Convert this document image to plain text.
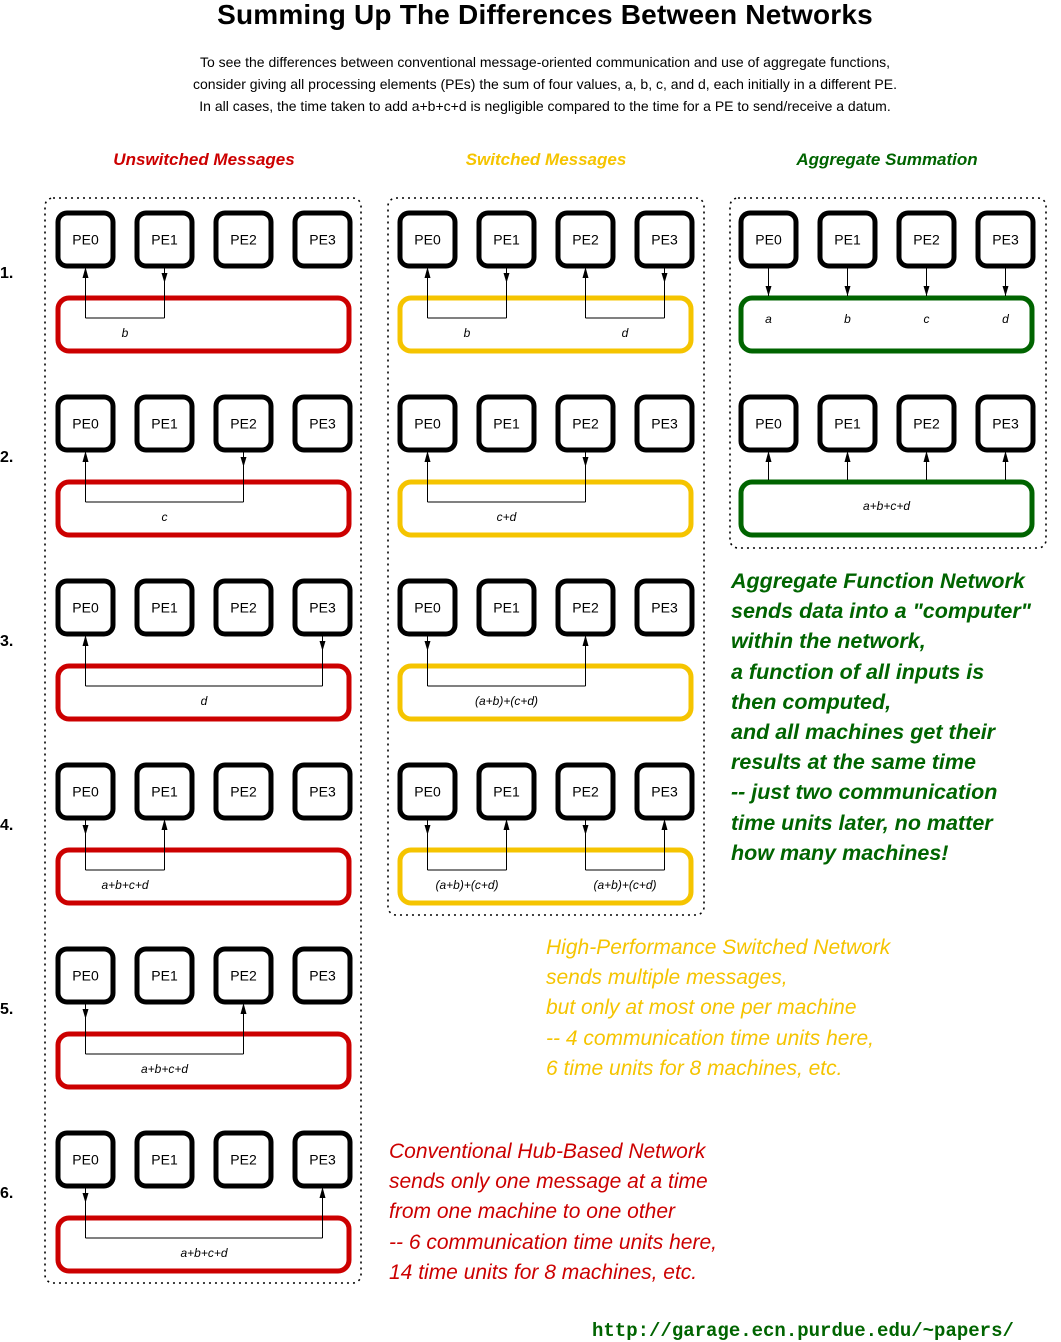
Summing Up The Differences Between Networks
To see the differences between conventional message-oriented communication and use of aggregate functions,
consider giving all processing elements (PEs) the sum of four values, a, b, c, and d, each initially in a different PE.
In all cases, the time taken to add a+b+c+d is negligible compared to the time for a PE to send/receive a datum.
Unswitched Messages	Switched Messages	Aggregate Summation
1.
2.
3.
4.
5.
6.
PE0	PE1	PE2	PE3
b
PE0	PE1	PE2	PE3
c
PE0	PE1	PE2	PE3
d
PE0	PE1	PE2	PE3
a+b+c+d
PE0	PE1	PE2	PE3
a+b+c+d
PE0	PE1	PE2	PE3
a+b+c+d
PE0	PE1	PE2	PE3
b	d
PE0	PE1	PE2	PE3
c+d
PE0	PE1	PE2	PE3
(a+b)+(c+d)
PE0	PE1	PE2	PE3
(a+b)+(c+d)	(a+b)+(c+d)
PE0	PE1	PE2	PE3
a	b	c	d
PE0	PE1	PE2	PE3
a+b+c+d
Aggregate Function Network
sends data into a "computer"
within the network,
a function of all inputs is
then computed,
and all machines get their
results at the same time
-- just two communication
time units later, no matter
how many machines!
High-Performance Switched Network
sends multiple messages,
but only at most one per machine
-- 4 communication time units here,
6 time units for 8 machines, etc.
Conventional Hub-Based Network
sends only one message at a time
from one machine to one other
-- 6 communication time units here,
14 time units for 8 machines, etc.
http://garage.ecn.purdue.edu/~papers/
